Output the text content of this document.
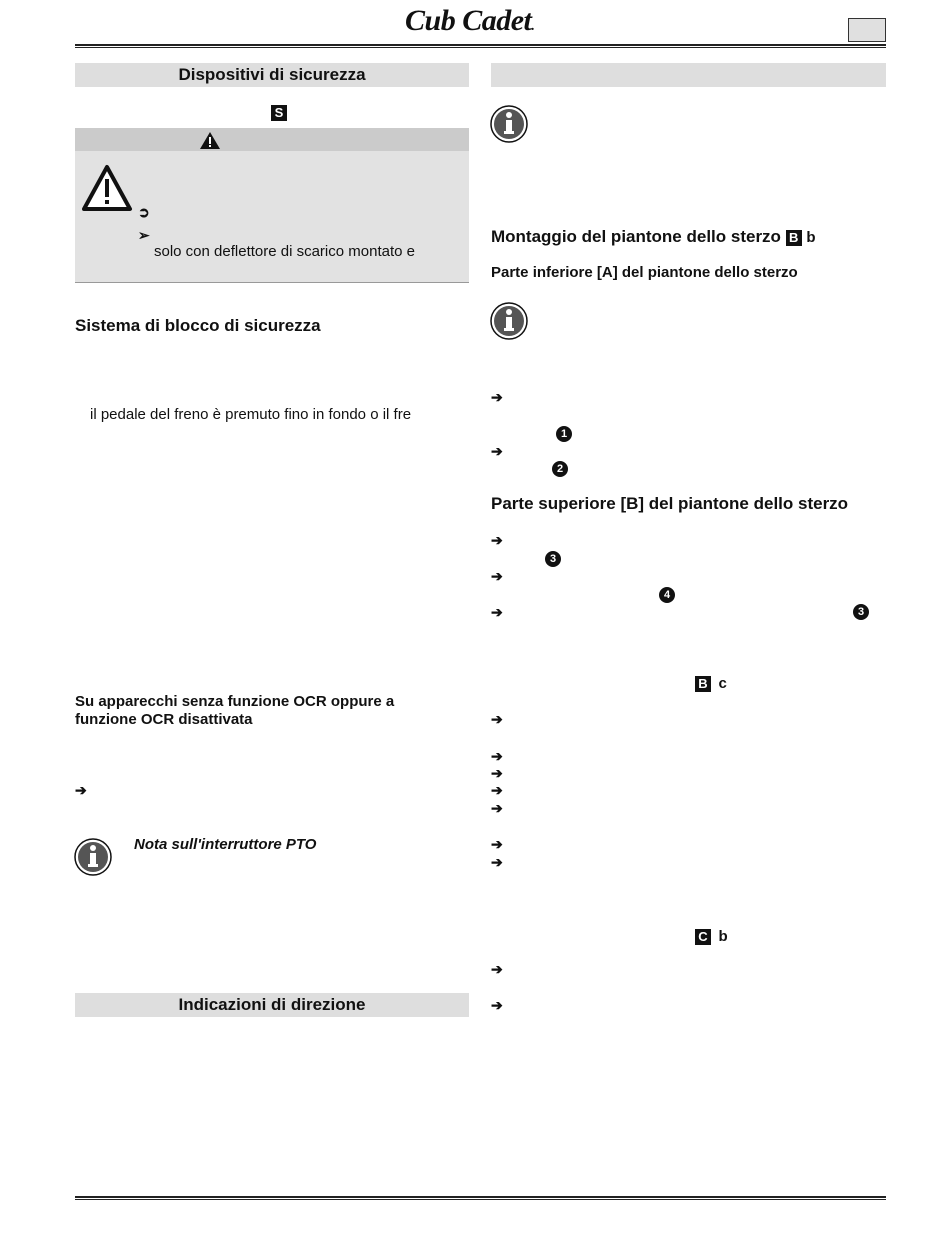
Cub Cadet.
Dispositivi di sicurezza
S
➲
➢
solo con deflettore di scarico montato e
Sistema di blocco di sicurezza
il pedale del freno è premuto fino in fondo o il fre
Su apparecchi senza funzione OCR oppure a
funzione OCR disattivata
➔
Nota sull'interruttore PTO
Indicazioni di direzione
Montaggio del piantone dello sterzo B b
Parte inferiore [A] del piantone dello sterzo
➔
1
➔
2
Parte superiore [B] del piantone dello sterzo
➔
3
➔
4
➔	3
B c
➔
➔
➔
➔
➔
➔
➔
C b
➔
➔
